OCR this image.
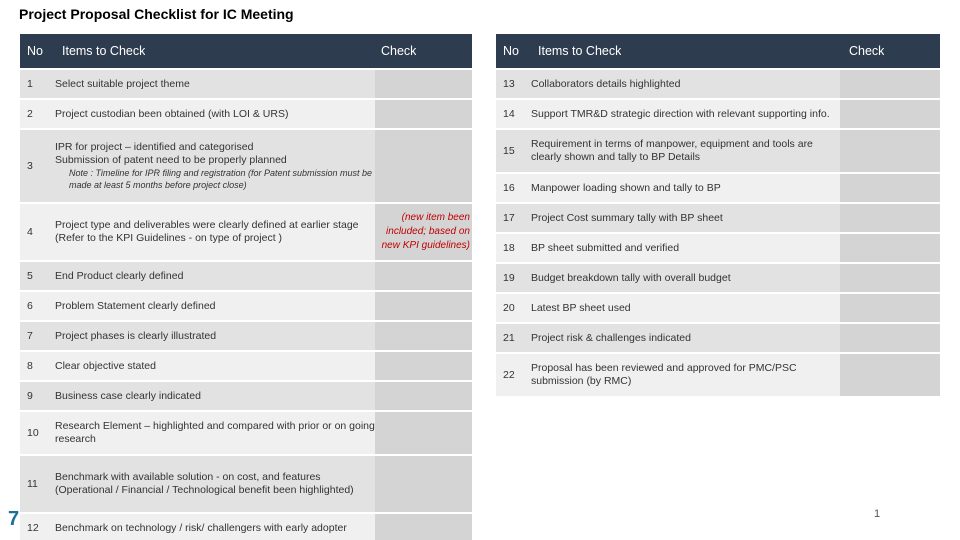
Project Proposal Checklist for IC Meeting
No Items to Check	Check
1 Select suitable project theme
2 Project custodian been obtained (with LOI & URS)
3
IPR for project – identified and categorised
Submission of patent need to be properly planned
Note : Timeline for IPR filing and registration (for Patent submission must be made at least 5 months before project close)
4
Project type and deliverables were clearly defined at earlier stage
(Refer to the KPI Guidelines - on type of project )
(new item been included; based on new KPI guidelines)
5 End Product clearly defined
6 Problem Statement clearly defined
7 Project phases is clearly illustrated
8 Clear objective stated
9 Business case clearly indicated
10
Research Element – highlighted and compared with prior or on going research
11
Benchmark with available solution - on cost, and features (Operational / Financial / Technological benefit been highlighted)
12 Benchmark on technology / risk/ challengers with early adopter
No Items to Check	Check
13 Collaborators details highlighted
14 Support TMR&D strategic direction with relevant supporting info.
15
Requirement in terms of manpower, equipment and tools are clearly shown and tally to BP Details
16 Manpower loading shown and tally to BP
17 Project Cost summary tally with BP sheet
18 BP sheet submitted and verified
19 Budget breakdown tally with overall budget
20 Latest BP sheet used
21 Project risk & challenges indicated
22
Proposal has been reviewed and approved for PMC/PSC submission (by RMC)
7	1
